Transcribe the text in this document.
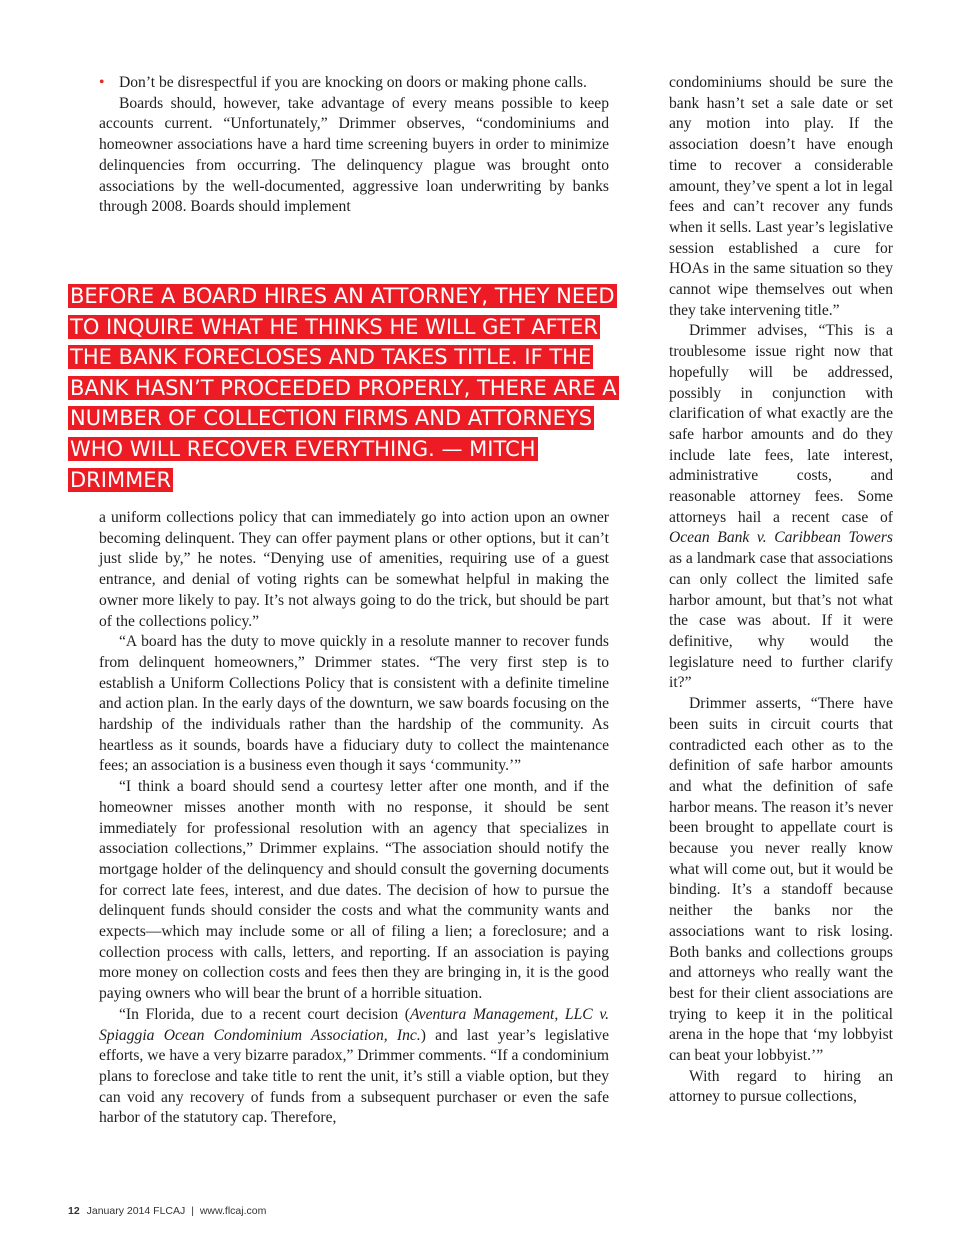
• Don’t be disrespectful if you are knocking on doors or making phone calls.

Boards should, however, take advantage of every means possible to keep accounts current. “Unfortunately,” Drimmer observes, “condominiums and homeowner associations have a hard time screening buyers in order to minimize delinquencies from occurring. The delinquency plague was brought onto associations by the well-documented, aggressive loan underwriting by banks through 2008. Boards should implement

BEFORE A BOARD HIRES AN ATTORNEY, THEY NEED TO INQUIRE WHAT HE THINKS HE WILL GET AFTER THE BANK FORECLOSES AND TAKES TITLE. IF THE BANK HASN’T PROCEEDED PROPERLY, THERE ARE A NUMBER OF COLLECTION FIRMS AND ATTORNEYS WHO WILL RECOVER EVERYTHING. — MITCH DRIMMER

a uniform collections policy that can immediately go into action upon an owner becoming delinquent. They can offer payment plans or other options, but it can’t just slide by,” he notes. “Denying use of amenities, requiring use of a guest entrance, and denial of voting rights can be somewhat helpful in making the owner more likely to pay. It’s not always going to do the trick, but should be part of the collections policy.”

“A board has the duty to move quickly in a resolute manner to recover funds from delinquent homeowners,” Drimmer states. “The very first step is to establish a Uniform Collections Policy that is consistent with a definite timeline and action plan. In the early days of the downturn, we saw boards focusing on the hardship of the individuals rather than the hardship of the community. As heartless as it sounds, boards have a fiduciary duty to collect the maintenance fees; an association is a business even though it says ‘community.’”

“I think a board should send a courtesy letter after one month, and if the homeowner misses another month with no response, it should be sent immediately for professional resolution with an agency that specializes in association collections,” Drimmer explains. “The association should notify the mortgage holder of the delinquency and should consult the governing documents for correct late fees, interest, and due dates. The decision of how to pursue the delinquent funds should consider the costs and what the community wants and expects—which may include some or all of filing a lien; a foreclosure; and a collection process with calls, letters, and reporting. If an association is paying more money on collection costs and fees then they are bringing in, it is the good paying owners who will bear the brunt of a horrible situation.

“In Florida, due to a recent court decision (Aventura Management, LLC v. Spiaggia Ocean Condominium Association, Inc.) and last year’s legislative efforts, we have a very bizarre paradox,” Drimmer comments. “If a condominium plans to foreclose and take title to rent the unit, it’s still a viable option, but they can void any recovery of funds from a subsequent purchaser or even the safe harbor of the statutory cap. Therefore,

condominiums should be sure the bank hasn’t set a sale date or set any motion into play. If the association doesn’t have enough time to recover a considerable amount, they’ve spent a lot in legal fees and can’t recover any funds when it sells. Last year’s legislative session established a cure for HOAs in the same situation so they cannot wipe themselves out when they take intervening title.”

Drimmer advises, “This is a troublesome issue right now that hopefully will be addressed, possibly in conjunction with clarification of what exactly are the safe harbor amounts and do they include late fees, late interest, administrative costs, and reasonable attorney fees. Some attorneys hail a recent case of Ocean Bank v. Caribbean Towers as a landmark case that associations can only collect the limited safe harbor amount, but that’s not what the case was about. If it were definitive, why would the legislature need to further clarify it?”

Drimmer asserts, “There have been suits in circuit courts that contradicted each other as to the definition of safe harbor amounts and what the definition of safe harbor means. The reason it’s never been brought to appellate court is because you never really know what will come out, but it would be binding. It’s a standoff because neither the banks nor the associations want to risk losing. Both banks and collections groups and attorneys who really want the best for their client associations are trying to keep it in the political arena in the hope that ‘my lobbyist can beat your lobbyist.’”

With regard to hiring an attorney to pursue collections,

12 January 2014 FLCAJ | www.flcaj.com
